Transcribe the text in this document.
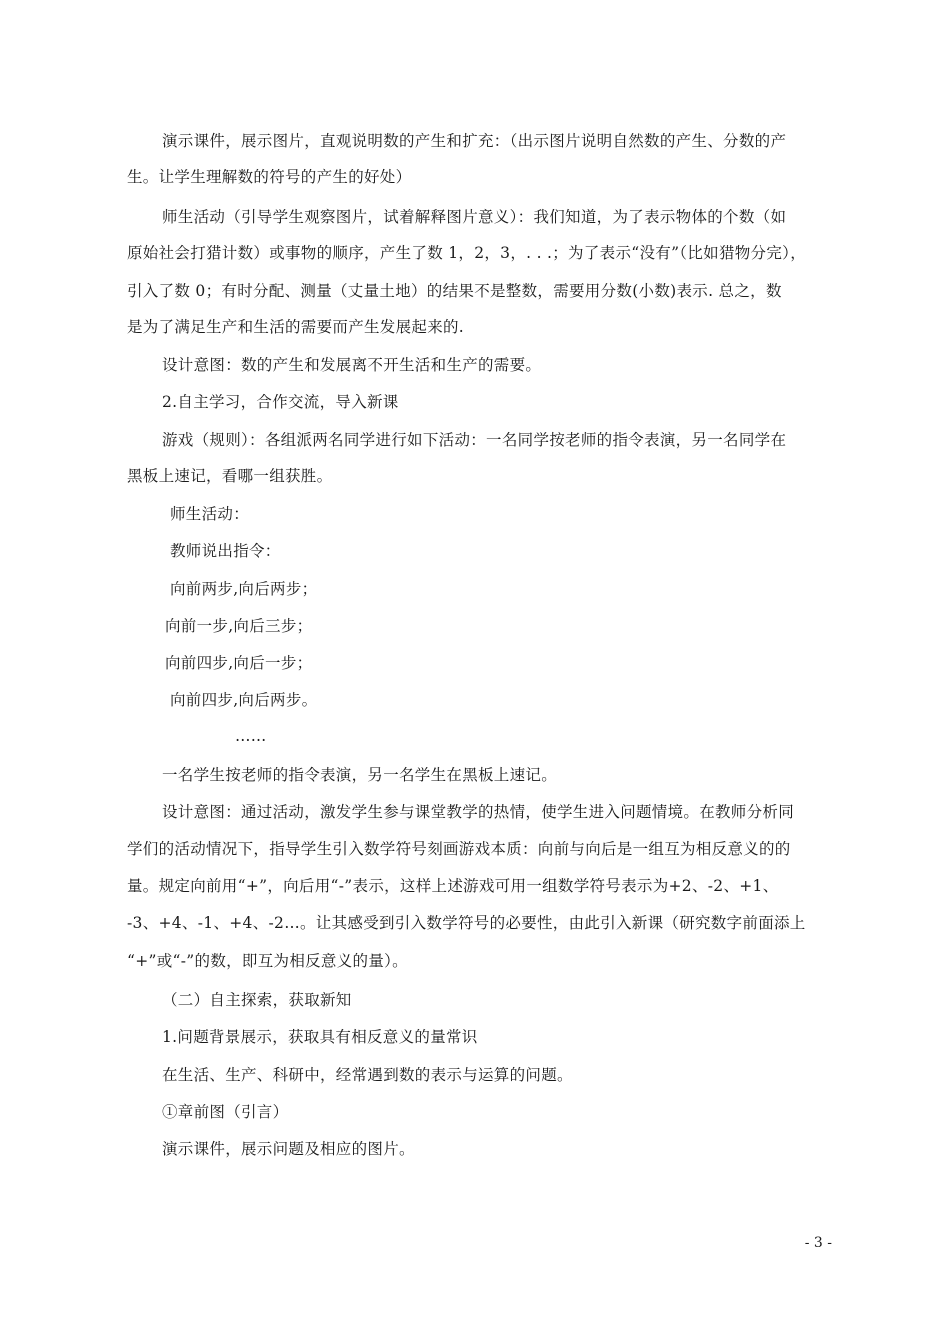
演示课件，展示图片，直观说明数的产生和扩充：（出示图片说明自然数的产生、分数的产
生。让学生理解数的符号的产生的好处）
师生活动（引导学生观察图片，试着解释图片意义）：我们知道，为了表示物体的个数（如
原始社会打猎计数）或事物的顺序，产生了数 1，2，3，. . .；为了表示“没有”（比如猎物分完），
引入了数 0；有时分配、测量（丈量土地）的结果不是整数，需要用分数(小数)表示. 总之，数
是为了满足生产和生活的需要而产生发展起来的.
设计意图：数的产生和发展离不开生活和生产的需要。
2.自主学习，合作交流，导入新课
游戏（规则）：各组派两名同学进行如下活动：一名同学按老师的指令表演，另一名同学在
黑板上速记，看哪一组获胜。
师生活动：
教师说出指令：
向前两步,向后两步；
向前一步,向后三步；
向前四步,向后一步；
向前四步,向后两步。
……
一名学生按老师的指令表演，另一名学生在黑板上速记。
设计意图：通过活动，激发学生参与课堂教学的热情，使学生进入问题情境。在教师分析同
学们的活动情况下，指导学生引入数学符号刻画游戏本质：向前与向后是一组互为相反意义的的
量。规定向前用“+”，向后用“-”表示，这样上述游戏可用一组数学符号表示为+2、-2、+1、
-3、+4、-1、+4、-2…。让其感受到引入数学符号的必要性，由此引入新课（研究数字前面添上
“+”或“-”的数，即互为相反意义的量）。
（二）自主探索，获取新知
1.问题背景展示，获取具有相反意义的量常识
在生活、生产、科研中，经常遇到数的表示与运算的问题。
①章前图（引言）
演示课件，展示问题及相应的图片。
- 3 -
